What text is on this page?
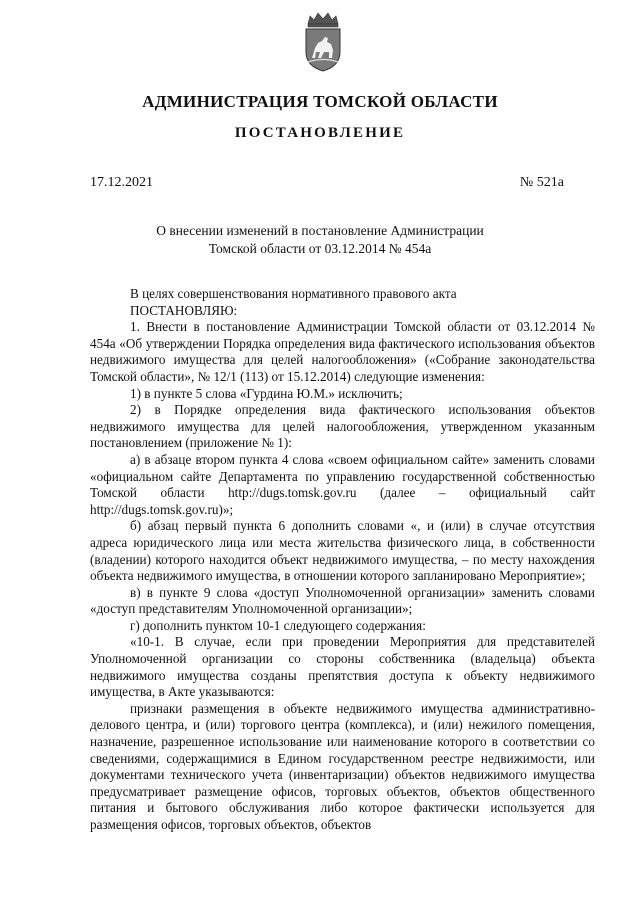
АДМИНИСТРАЦИЯ ТОМСКОЙ ОБЛАСТИ
ПОСТАНОВЛЕНИЕ
17.12.2021	№ 521а
О внесении изменений в постановление Администрации
Томской области от 03.12.2014 № 454а

В целях совершенствования нормативного правового акта

ПОСТАНОВЛЯЮ:

1. Внести в постановление Администрации Томской области от 03.12.2014 № 454а «Об утверждении Порядка определения вида фактического использования объектов недвижимого имущества для целей налогообложения» («Собрание законодательства Томской области», № 12/1 (113) от 15.12.2014) следующие изменения:

1) в пункте 5 слова «Гурдина Ю.М.» исключить;

2) в Порядке определения вида фактического использования объектов недвижимого имущества для целей налогообложения, утвержденном указанным постановлением (приложение № 1):

а) в абзаце втором пункта 4 слова «своем официальном сайте» заменить словами «официальном сайте Департамента по управлению государственной собственностью Томской области http://dugs.tomsk.gov.ru (далее – официальный сайт http://dugs.tomsk.gov.ru)»;

б) абзац первый пункта 6 дополнить словами «, и (или) в случае отсутствия адреса юридического лица или места жительства физического лица, в собственности (владении) которого находится объект недвижимого имущества, – по месту нахождения объекта недвижимого имущества, в отношении которого запланировано Мероприятие»;

в) в пункте 9 слова «доступ Уполномоченной организации» заменить словами «доступ представителям Уполномоченной организации»;

г) дополнить пунктом 10-1 следующего содержания:

«10-1. В случае, если при проведении Мероприятия для представителей Уполномоченной организации со стороны собственника (владельца) объекта недвижимого имущества созданы препятствия доступа к объекту недвижимого имущества, в Акте указываются:

признаки размещения в объекте недвижимого имущества административно-делового центра, и (или) торгового центра (комплекса), и (или) нежилого помещения, назначение, разрешенное использование или наименование которого в соответствии со сведениями, содержащимися в Едином государственном реестре недвижимости, или документами технического учета (инвентаризации) объектов недвижимого имущества предусматривает размещение офисов, торговых объектов, объектов общественного питания и бытового обслуживания либо которое фактически используется для размещения офисов, торговых объектов, объектов
